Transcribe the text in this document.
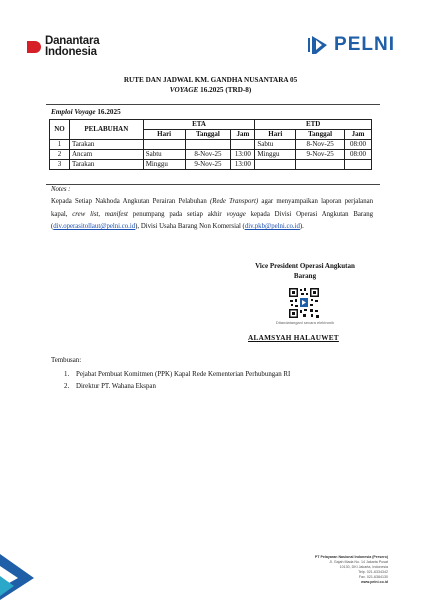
Danantara
Indonesia	PELNI
RUTE DAN JADWAL KM. GANDHA NUSANTARA 05
VOYAGE 16.2025 (TRD-8)
Emploi Voyage 16.2025
NO	PELABUHAN	ETA			ETD		
		Hari	Tanggal	Jam	Hari	Tanggal	Jam
1	Tarakan				Sabtu	8-Nov-25	08:00
2	Ancam	Sabtu	8-Nov-25	13:00	Minggu	9-Nov-25	08:00
3	Tarakan	Minggu	9-Nov-25	13:00			
Notes :
Kepada Setiap Nakhoda Angkutan Perairan Pelabuhan (Rede Transport) agar menyampaikan laporan perjalanan kapal, crew list, manifest penumpang pada setiap akhir voyage kepada Divisi Operasi Angkutan Barang (div.operasitollaut@pelni.co.id), Divisi Usaha Barang Non Komersial (div.pkb@pelni.co.id).
Vice President Operasi Angkutan
Barang
Ditandatangani secara elektronik
ALAMSYAH HALAUWET
Tembusan:
1. Pejabat Pembuat Komitmen (PPK) Kapal Rede Kementerian Perhubungan RI
2. Direktur PT. Wahana Ekspan
PT Pelayaran Nasional Indonesia (Persero)
Jl. Gajah Mada No. 14 Jakarta Pusat
10130, DKI Jakarta, Indonesia
Telp. 021-6334342
Fax. 021-6384130
www.pelni.co.id
2
